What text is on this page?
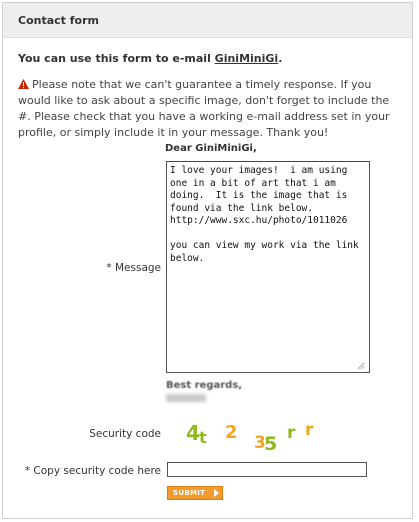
Contact form
You can use this form to e-mail GiniMiniGi.
Please note that we can't guarantee a timely response. If you would like to ask about a specific image, don't forget to include the #. Please check that you have a working e-mail address set in your profile, or simply include it in your message. Thank you!
Dear GiniMiniGi,
* Message
I love your images! i am using one in a bit of art that i am doing. It is the image that is found via the link below. http://www.sxc.hu/photo/1011026 you can view my work via the link below.
Best regards,
Security code 4 t 2 3
5 r r
* Copy security code here
SUBMIT
